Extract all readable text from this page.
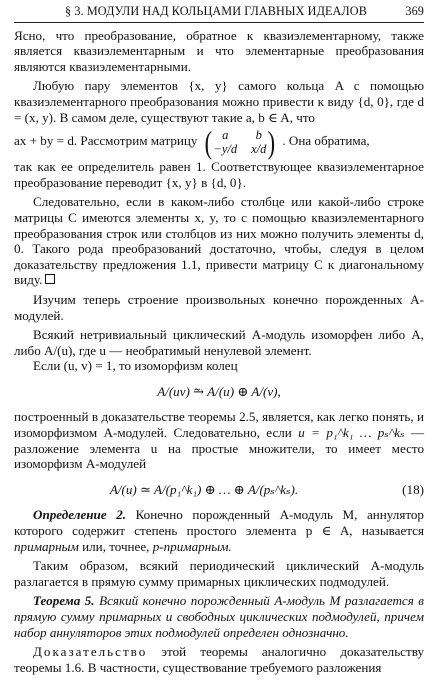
§ 3. МОДУЛИ НАД КОЛЬЦАМИ ГЛАВНЫХ ИДЕАЛОВ	369

Ясно, что преобразование, обратное к квазиэлементарному, также является квазиэлементарным и что элементарные преобразования являются квазиэлементарными.

Любую пару элементов {x, y} самого кольца A с помощью квазиэлементарного преобразования можно привести к виду {d, 0}, где d = (x, y). В самом деле, существуют такие a, b ∈ A, что

ax + by = d. Рассмотрим матрицу ( a	b
−y/d x/d ) . Она обратима,

так как ее определитель равен 1. Соответствующее квазиэлементарное преобразование переводит {x, y} в {d, 0}.

Следовательно, если в каком-либо столбце или какой-либо строке матрицы C имеются элементы x, y, то с помощью квазиэлементарного преобразования строк или столбцов из них можно получить элементы d, 0. Такого рода преобразований достаточно, чтобы, следуя в целом доказательству предложения 1.1, привести матрицу C к диагональному виду.

Изучим теперь строение произвольных конечно порожденных A-модулей.

Всякий нетривиальный циклический A-модуль изоморфен либо A, либо A/(u), где u — необратимый ненулевой элемент.

Если (u, v) = 1, то изоморфизм колец

A/(uv) ⥲ A/(u) ⊕ A/(v),

построенный в доказательстве теоремы 2.5, является, как легко понять, и изоморфизмом A-модулей. Следовательно, если u = p₁^k₁ … pₛ^kₛ — разложение элемента u на простые множители, то имеет место изоморфизм A-модулей

A/(u) ≃ A/(p₁^k₁) ⊕ … ⊕ A/(pₛ^kₛ).	(18)

Определение 2. Конечно порожденный A-модуль M, аннулятор которого содержит степень простого элемента p ∈ A, называется примарным или, точнее, p-примарным.

Таким образом, всякий периодический циклический A-модуль разлагается в прямую сумму примарных циклических подмодулей.

Теорема 5. Всякий конечно порожденный A-модуль M разлагается в прямую сумму примарных и свободных циклических подмодулей, причем набор аннуляторов этих подмодулей определен однозначно.

Доказательство этой теоремы аналогично доказательству теоремы 1.6. В частности, существование требуемого разложения
